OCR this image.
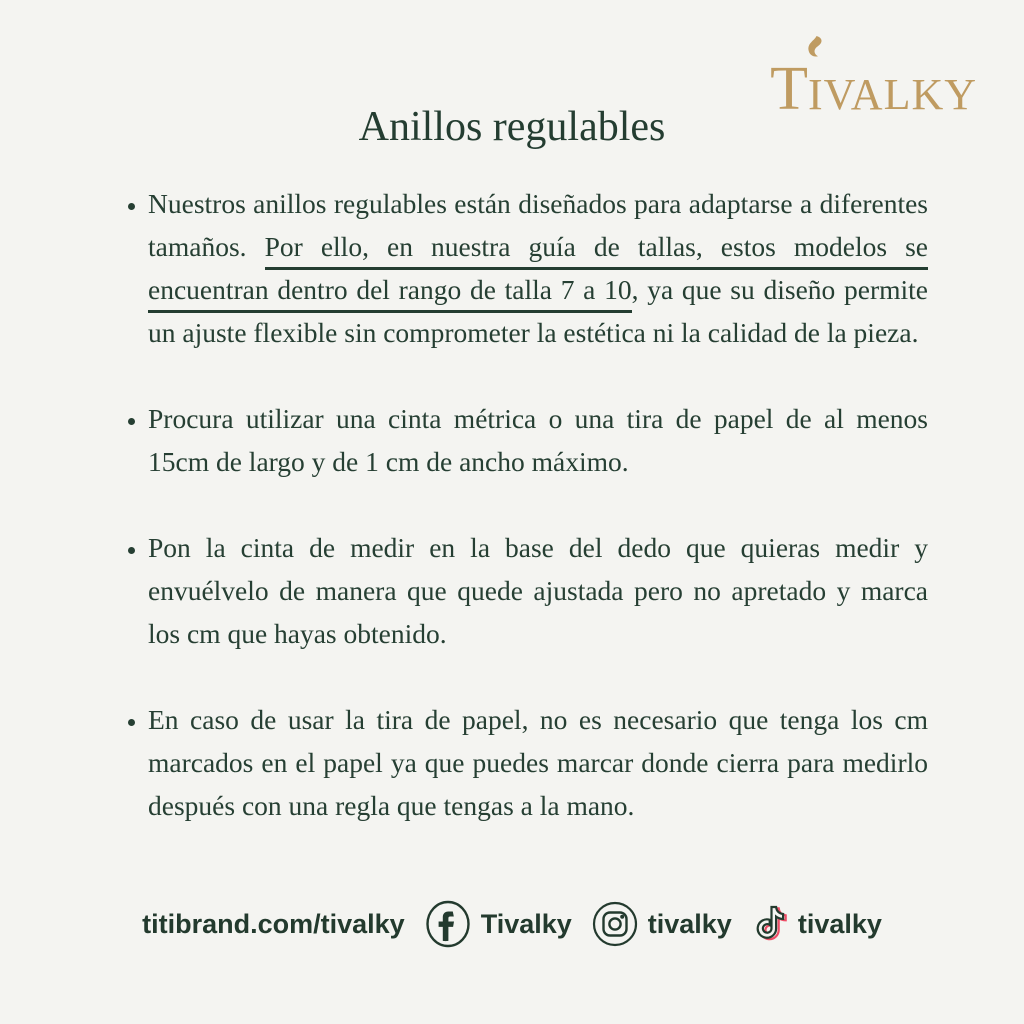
T IVALKY
Anillos regulables
• Nuestros anillos regulables están diseñados para adaptarse a diferentes tamaños. Por ello, en nuestra guía de tallas, estos modelos se encuentran dentro del rango de talla 7 a 10, ya que su diseño permite un ajuste flexible sin comprometer la estética ni la calidad de la pieza.
• Procura utilizar una cinta métrica o una tira de papel de al menos 15cm de largo y de 1 cm de ancho máximo.
• Pon la cinta de medir en la base del dedo que quieras medir y envuélvelo de manera que quede ajustada pero no apretado y marca los cm que hayas obtenido.
• En caso de usar la tira de papel, no es necesario que tenga los cm marcados en el papel ya que puedes marcar donde cierra para medirlo después con una regla que tengas a la mano.
titibrand.com/tivalky	Tivalky	tivalky tivalky
